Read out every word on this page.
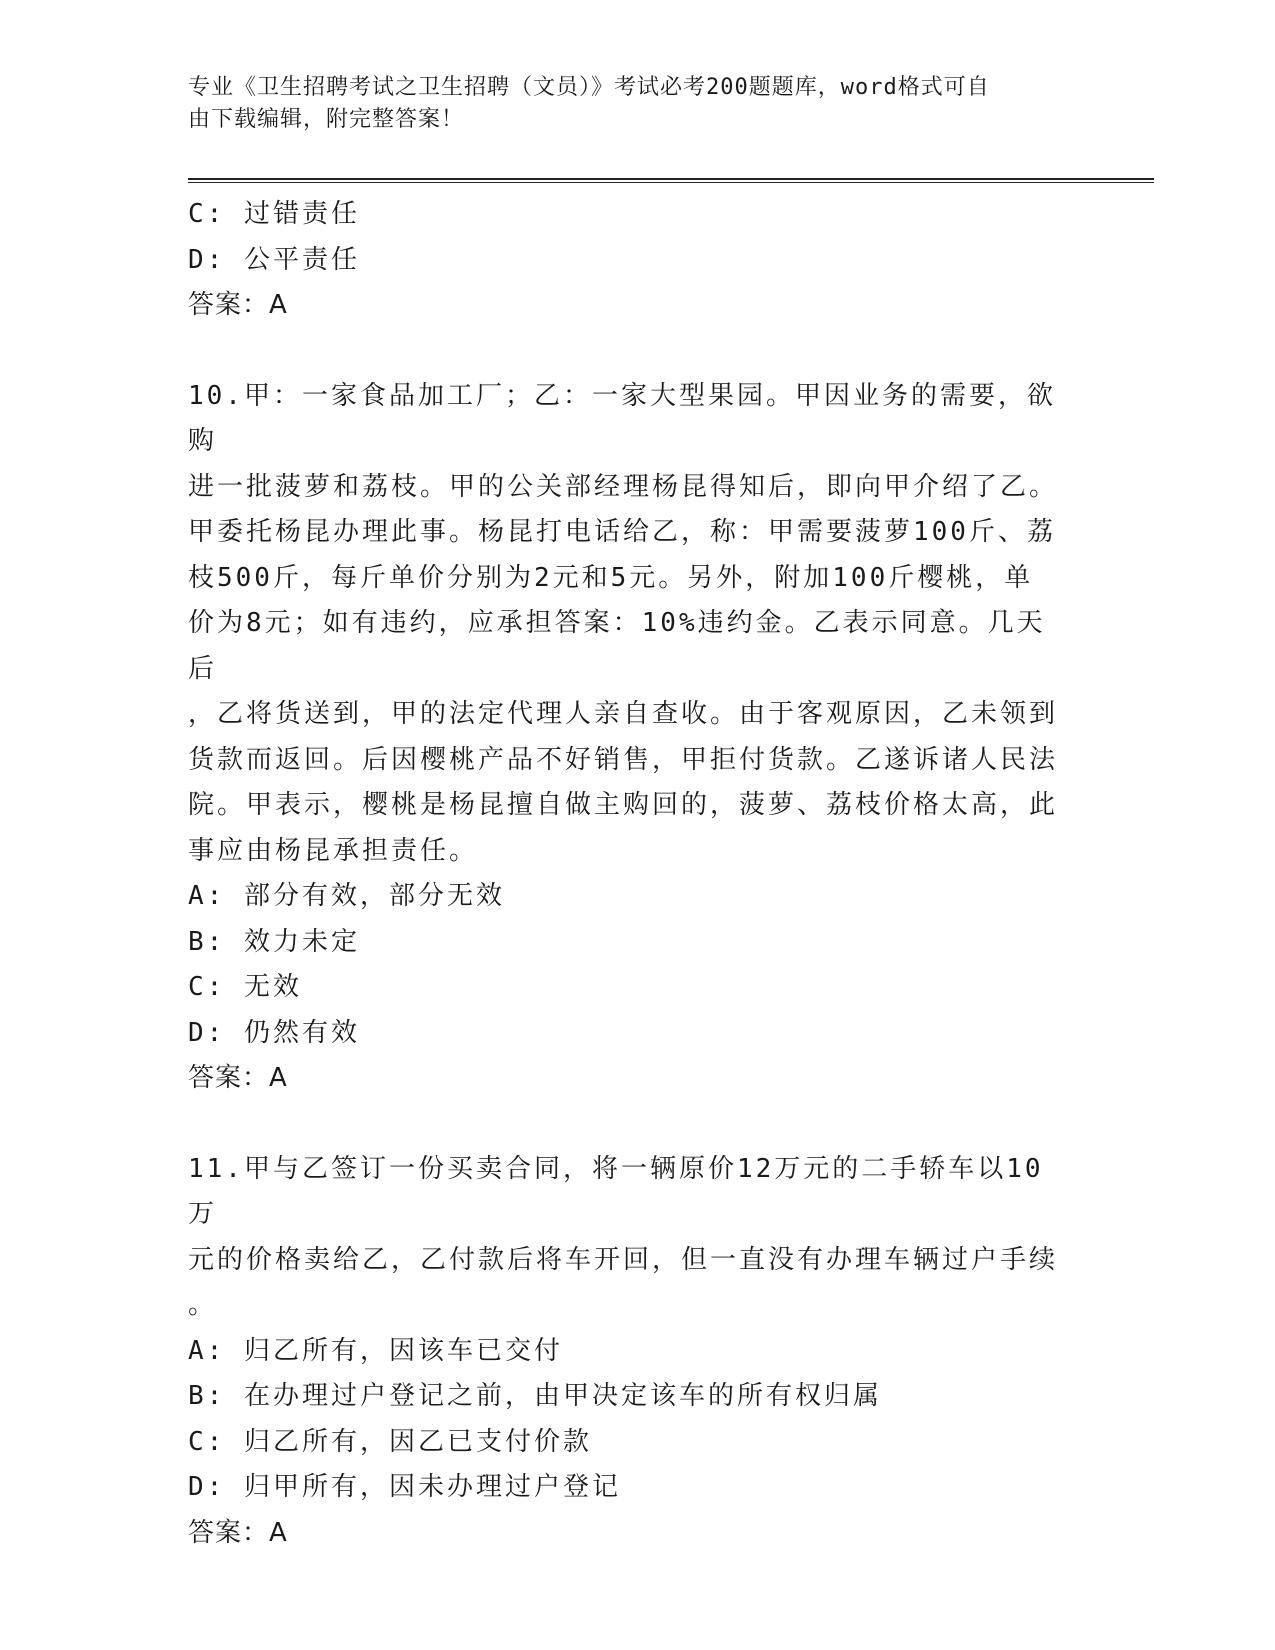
专业《卫生招聘考试之卫生招聘（文员）》考试必考200题题库，word格式可自
由下载编辑，附完整答案！
C: 过错责任
D: 公平责任
答案：A
10.甲：一家食品加工厂；乙：一家大型果园。甲因业务的需要，欲购
进一批菠萝和荔枝。甲的公关部经理杨昆得知后，即向甲介绍了乙。
甲委托杨昆办理此事。杨昆打电话给乙，称：甲需要菠萝100斤、荔
枝500斤，每斤单价分别为2元和5元。另外，附加100斤樱桃，单
价为8元；如有违约，应承担答案：10%违约金。乙表示同意。几天后
，乙将货送到，甲的法定代理人亲自查收。由于客观原因，乙未领到
货款而返回。后因樱桃产品不好销售，甲拒付货款。乙遂诉诸人民法
院。甲表示，樱桃是杨昆擅自做主购回的，菠萝、荔枝价格太高，此
事应由杨昆承担责任。
A: 部分有效，部分无效
B: 效力未定
C: 无效
D: 仍然有效
答案：A
11.甲与乙签订一份买卖合同，将一辆原价12万元的二手轿车以10万
元的价格卖给乙，乙付款后将车开回，但一直没有办理车辆过户手续
。
A: 归乙所有，因该车已交付
B: 在办理过户登记之前，由甲决定该车的所有权归属
C: 归乙所有，因乙已支付价款
D: 归甲所有，因未办理过户登记
答案：A
